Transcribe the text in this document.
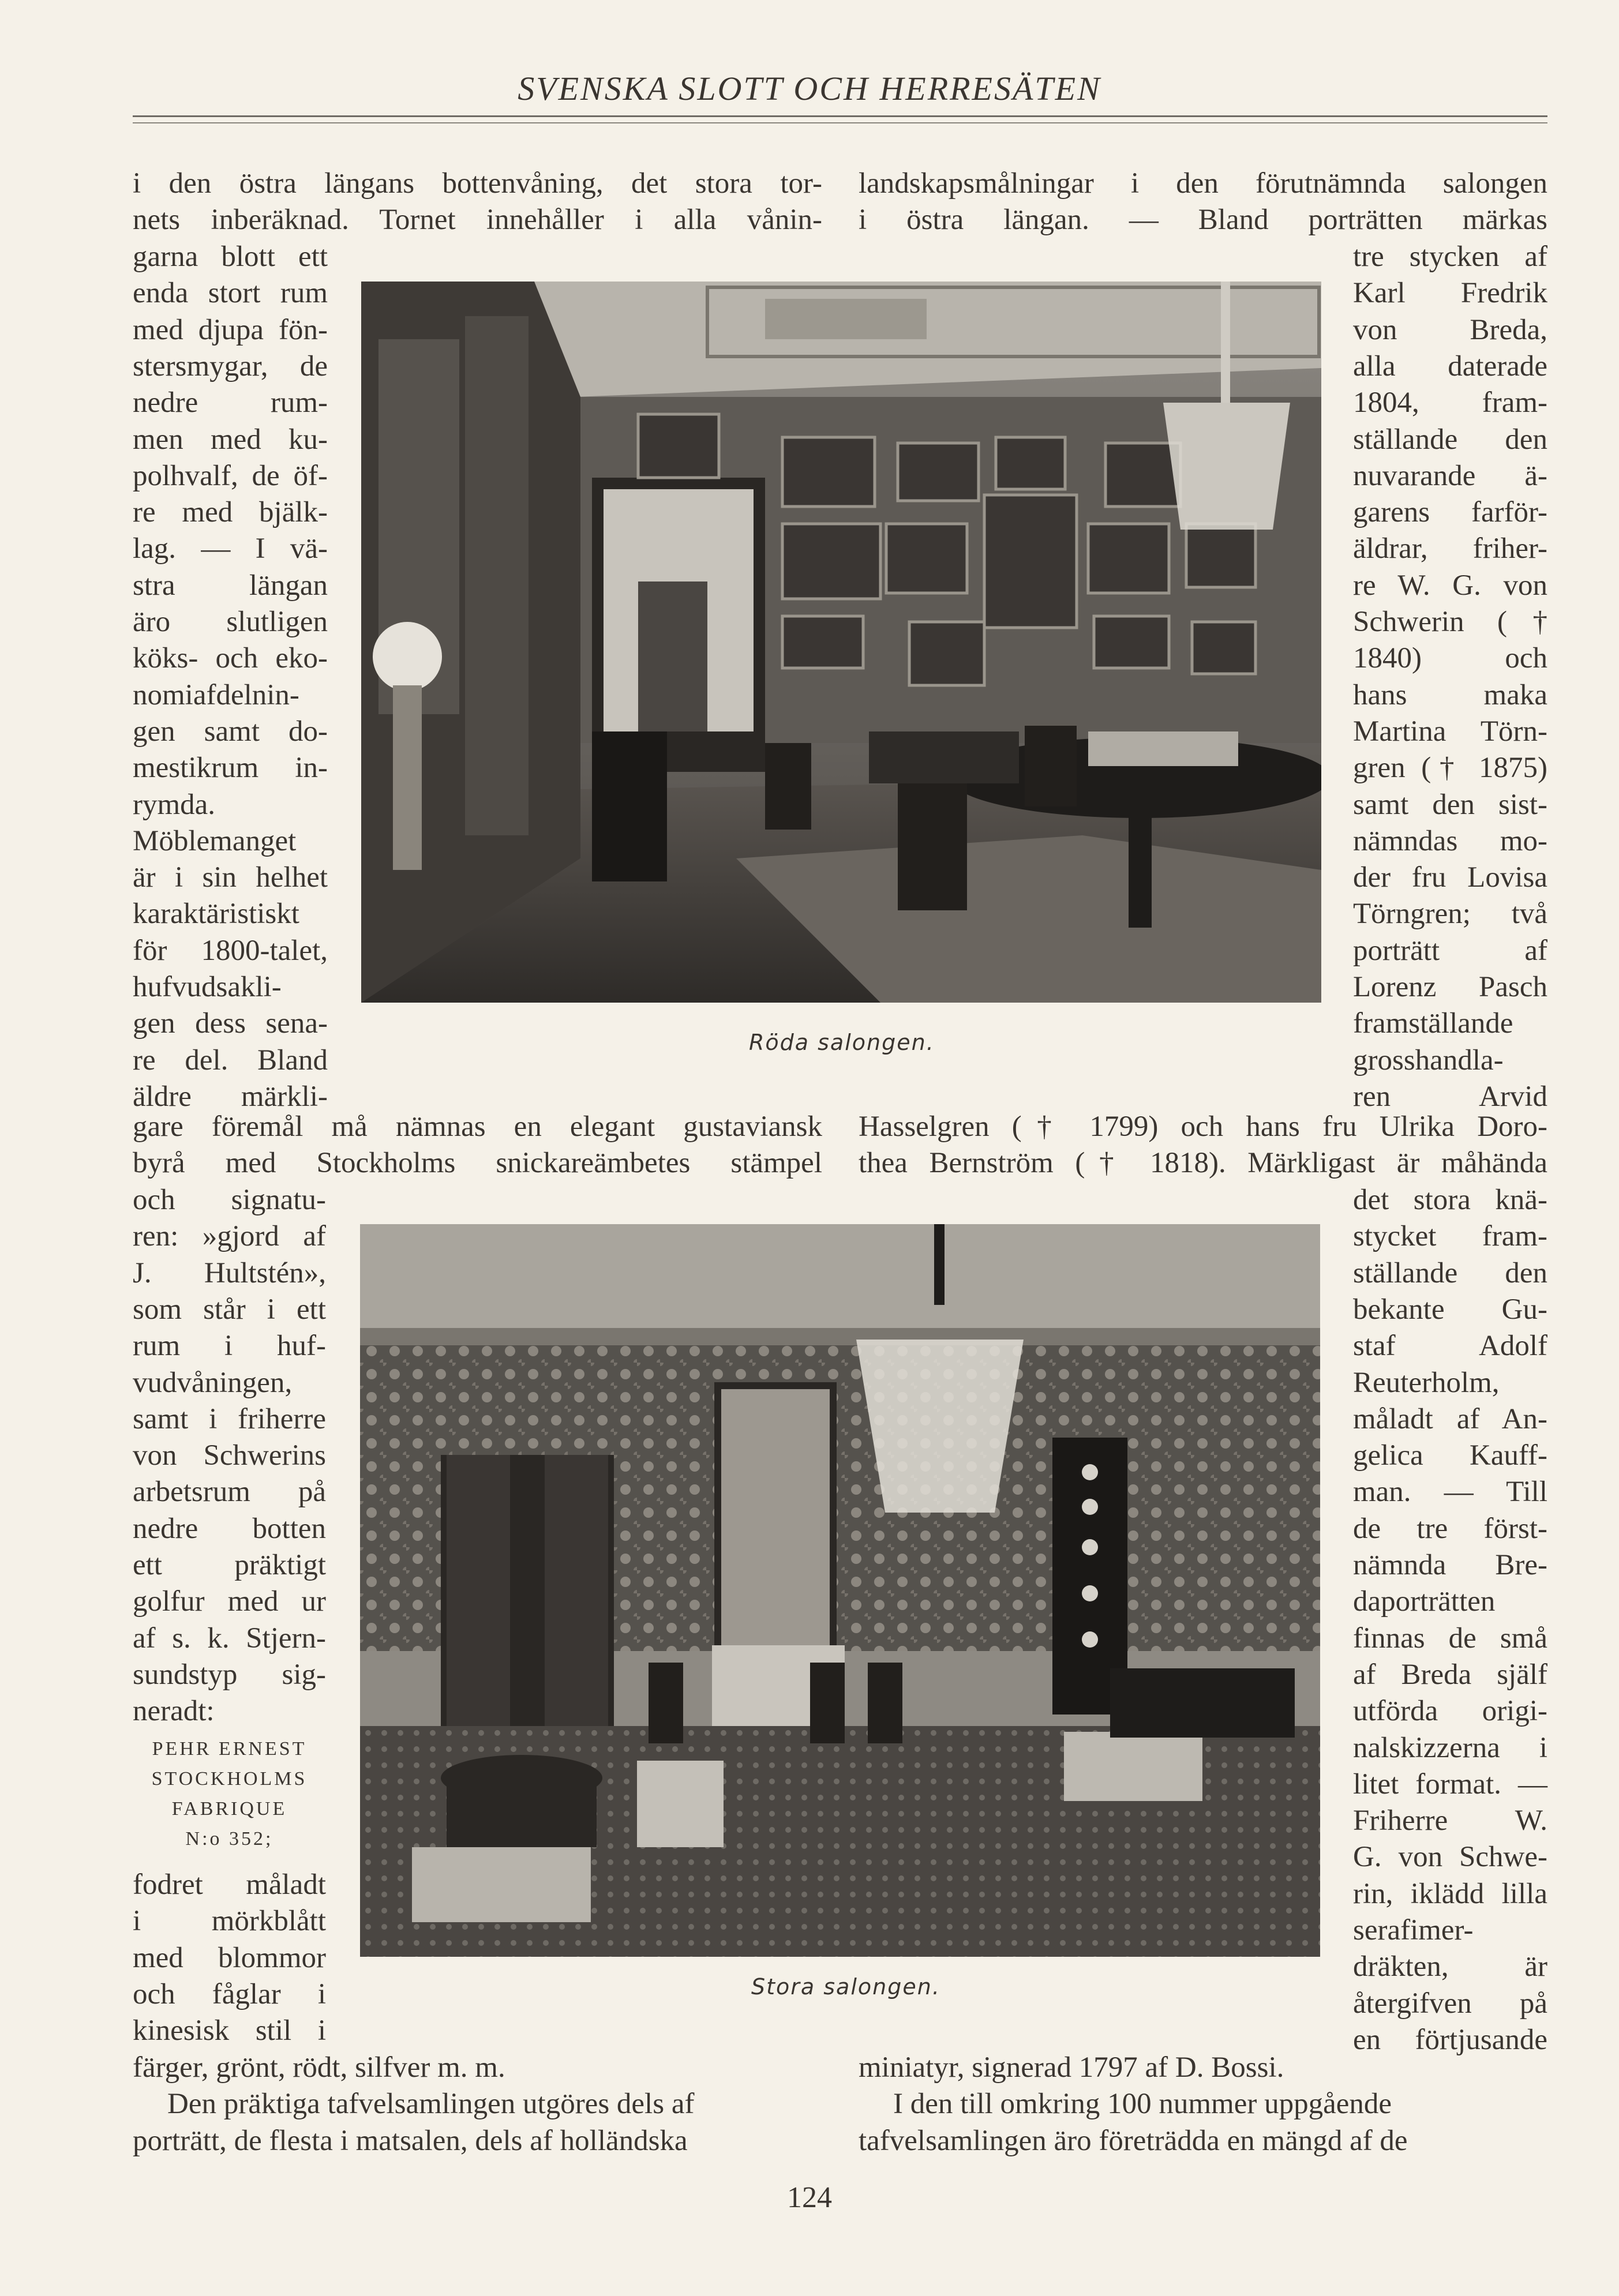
SVENSKA SLOTT OCH HERRESÄTEN
i den östra längans bottenvåning, det stora tor-
nets inberäknad. Tornet innehåller i alla vånin-
garna blott ett
enda stort rum
med djupa fön-
stersmygar, de
nedre rum-
men med ku-
polhvalf, de öf-
re med bjälk-
lag. — I vä-
stra längan
äro slutligen
köks- och eko-
nomiafdelnin-
gen samt do-
mestikrum in-
rymda.
Möblemanget
är i sin helhet
karaktäristiskt
för 1800-talet,
hufvudsakli-
gen dess sena-
re del. Bland
äldre märkli-
gare föremål må nämnas en elegant gustaviansk
byrå med Stockholms snickareämbetes stämpel
och signatu-
ren: »gjord af
J. Hultstén»,
som står i ett
rum i huf-
vudvåningen,
samt i friherre
von Schwerins
arbetsrum på
nedre botten
ett präktigt
golfur med ur
af s. k. Stjern-
sundstyp sig-
neradt:
PEHR ERNEST
STOCKHOLMS
FABRIQUE
N:o 352;
fodret måladt
i mörkblått
med blommor
och fåglar i
kinesisk stil i
färger, grönt, rödt, silfver m. m.
Den präktiga tafvelsamlingen utgöres dels af
porträtt, de flesta i matsalen, dels af holländska
landskapsmålningar i den förutnämnda salongen
i östra längan. — Bland porträtten märkas
tre stycken af
Karl Fredrik
von Breda,
alla daterade
1804, fram-
ställande den
nuvarande ä-
garens farför-
äldrar, friher-
re W. G. von
Schwerin (†
1840) och
hans maka
Martina Törn-
gren († 1875)
samt den sist-
nämndas mo-
der fru Lovisa
Törngren; två
porträtt af
Lorenz Pasch
framställande
grosshandla-
ren Arvid
Hasselgren († 1799) och hans fru Ulrika Doro-
thea Bernström († 1818). Märkligast är måhända
det stora knä-
stycket fram-
ställande den
bekante Gu-
staf Adolf
Reuterholm,
måladt af An-
gelica Kauff-
man. — Till
de tre först-
nämnda Bre-
daporträtten
finnas de små
af Breda själf
utförda origi-
nalskizzerna i
litet format. —
Friherre W.
G. von Schwe-
rin, iklädd lilla
serafimer-
dräkten, är
återgifven på
en förtjusande
miniatyr, signerad 1797 af D. Bossi.
I den till omkring 100 nummer uppgående
tafvelsamlingen äro företrädda en mängd af de
Röda salongen.
Stora salongen.
124
